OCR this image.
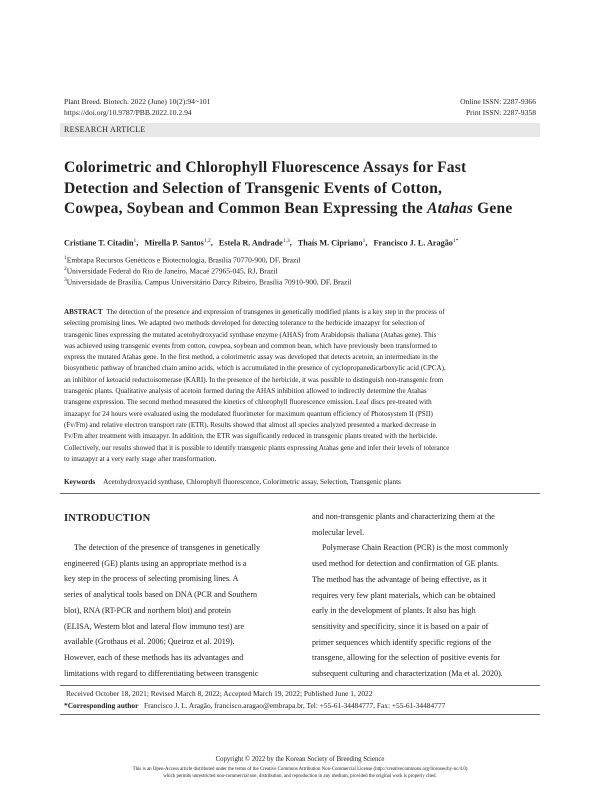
Plant Breed. Biotech. 2022 (June) 10(2):94~101
https://doi.org/10.9787/PBB.2022.10.2.94
Online ISSN: 2287-9366
Print ISSN: 2287-9358
RESEARCH ARTICLE
Colorimetric and Chlorophyll Fluorescence Assays for Fast
Detection and Selection of Transgenic Events of Cotton,
Cowpea, Soybean and Common Bean Expressing the Atahas Gene
Cristiane T. Citadin$^1$,   Mirella P. Santos$^{1,2}$,   Estela R. Andrade$^{1,3}$,   Thaís M. Cipriano$^1$,   Francisco J. L. Aragão$^{1*}$
$^1$Embrapa Recursos Genéticos e Biotecnologia, Brasília 70770-900, DF, Brazil
$^2$Universidade Federal do Rio de Janeiro, Macaé 27965-045, RJ, Brazil
$^3$Universidade de Brasília, Campus Universitário Darcy Ribeiro, Brasília 70910-900, DF, Brazil
ABSTRACT The detection of the presence and expression of transgenes in genetically modified plants is a key step in the process of
selecting promising lines. We adapted two methods developed for detecting tolerance to the herbicide imazapyr for selection of
transgenic lines expressing the mutated acetohydroxyacid synthase enzyme (AHAS) from Arabidopsis thaliana (Atahas gene). This
was achieved using transgenic events from cotton, cowpea, soybean and common bean, which have previously been transformed to
express the mutated Atahas gene. In the first method, a colorimetric assay was developed that detects acetoin, an intermediate in the
biosynthetic pathway of branched chain amino acids, which is accumulated in the presence of cyclopropanedicarboxylic acid (CPCA),
an inhibitor of ketoacid reductoisomerase (KARI). In the presence of the herbicide, it was possible to distinguish non-transgenic from
transgenic plants. Qualitative analysis of acetoin formed during the AHAS inhibition allowed to indirectly determine the Atahas
transgene expression. The second method measured the kinetics of chlorophyll fluorescence emission. Leaf discs pre-treated with
imazapyr for 24 hours were evaluated using the modulated fluorimeter for maximum quantum efficiency of Photosystem II (PSII)
(Fv/Fm) and relative electron transport rate (ETR). Results showed that almost all species analyzed presented a marked decrease in
Fv/Fm after treatment with imazapyr. In addition, the ETR was significantly reduced in transgenic plants treated with the herbicide.
Collectively, our results showed that it is possible to identify transgenic plants expressing Atahas gene and infer their levels of tolerance
to imazapyr at a very early stage after transformation.
Keywords Acetohydroxyacid synthase, Chlorophyll fluorescence, Colorimetric assay, Selection, Transgenic plants
INTRODUCTION
The detection of the presence of transgenes in genetically
engineered (GE) plants using an appropriate method is a
key step in the process of selecting promising lines. A
series of analytical tools based on DNA (PCR and Southern
blot), RNA (RT-PCR and northern blot) and protein
(ELISA, Western blot and lateral flow immuno test) are
available (Grothaus et al. 2006; Queiroz et al. 2019).
However, each of these methods has its advantages and
limitations with regard to differentiating between transgenic
and non-transgenic plants and characterizing them at the
molecular level.
Polymerase Chain Reaction (PCR) is the most commonly
used method for detection and confirmation of GE plants.
The method has the advantage of being effective, as it
requires very few plant materials, which can be obtained
early in the development of plants. It also has high
sensitivity and specificity, since it is based on a pair of
primer sequences which identify specific regions of the
transgene, allowing for the selection of positive events for
subsequent culturing and characterization (Ma et al. 2020).
Received October 18, 2021; Revised March 8, 2022; Accepted March 19, 2022; Published June 1, 2022
*Corresponding author Francisco J. L. Aragão, francisco.aragao@embrapa.br, Tel: +55-61-34484777, Fax: +55-61-34484777
Copyright © 2022 by the Korean Society of Breeding Science
This is an Open-Access article distributed under the terms of the Creative Commons Attribution Non-Commercial License (http://creativecommons.org/licenses/by-nc/4.0)
which permits unrestricted non-commercial use, distribution, and reproduction in any medium, provided the original work is properly cited.
